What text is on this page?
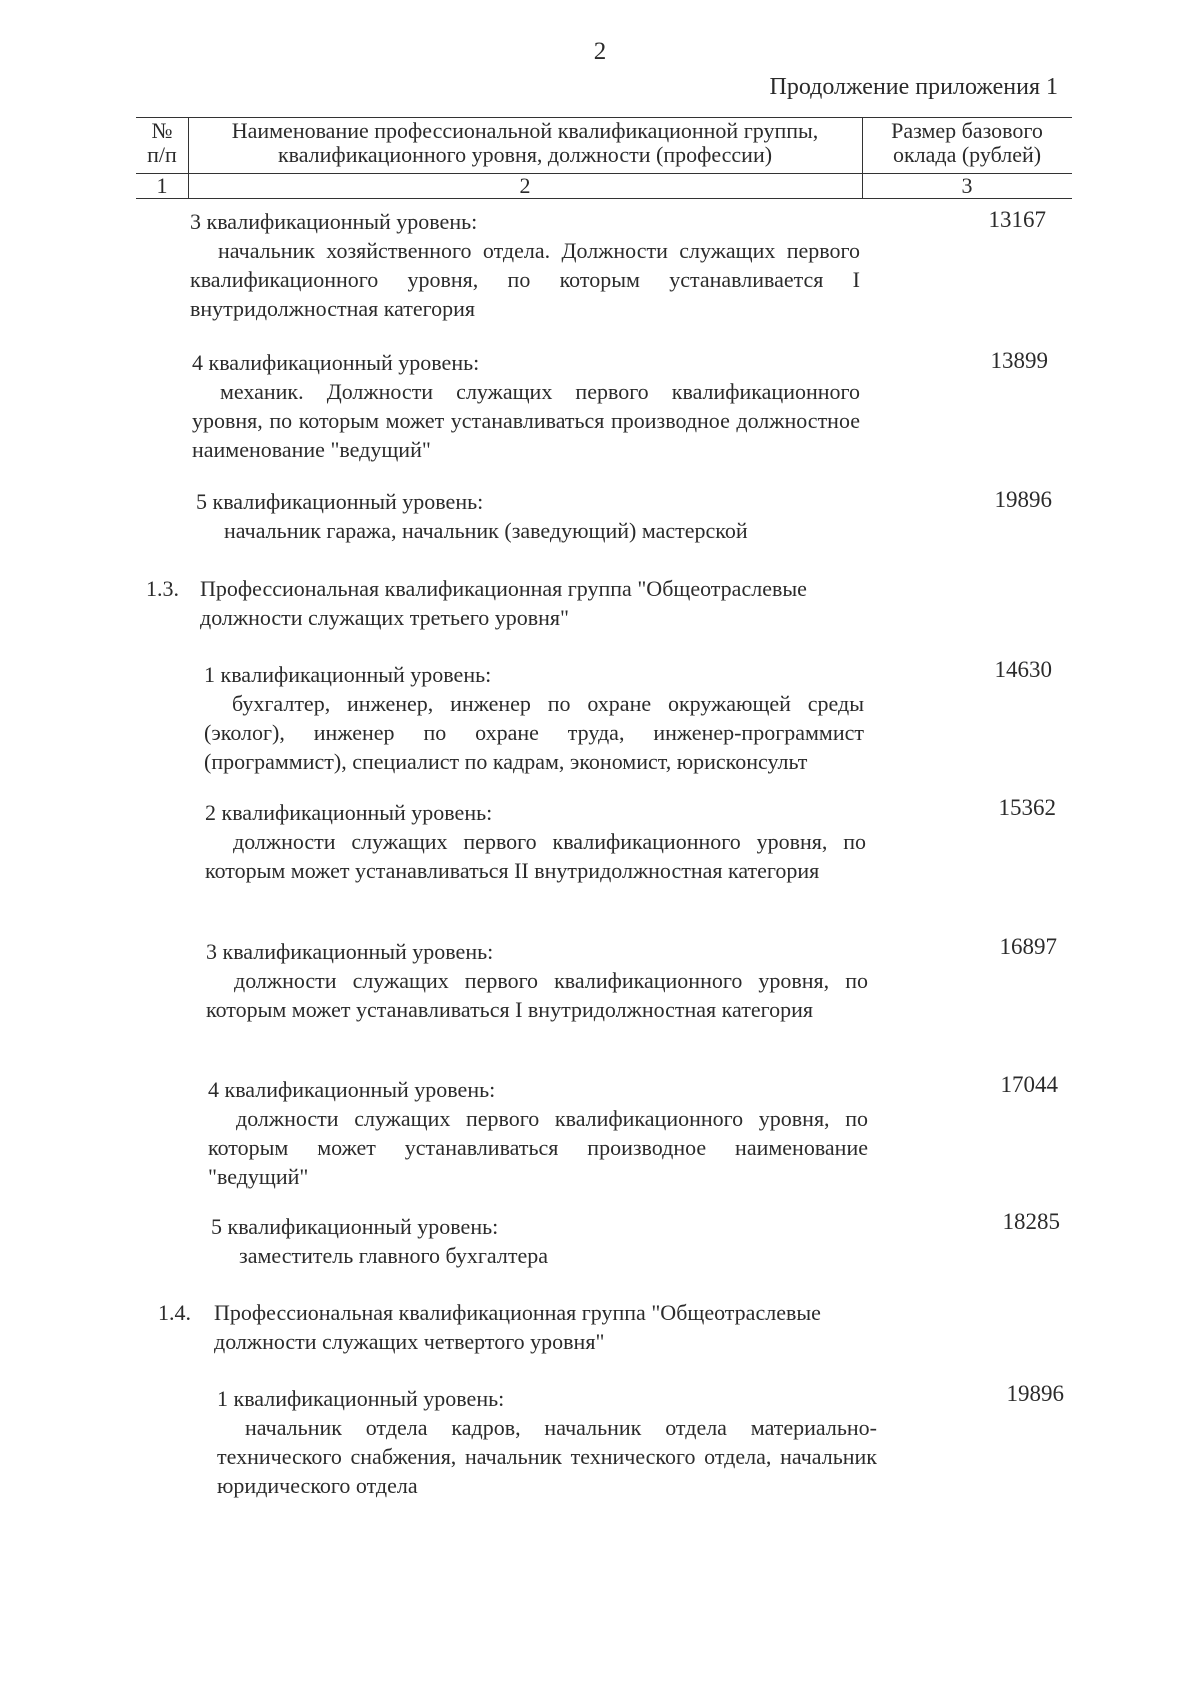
2
Продолжение приложения 1
№
п/п
Наименование профессиональной квалификационной группы,
квалификационного уровня, должности (профессии)
Размер базового
оклада (рублей)
1	2	3
3 квалификационный уровень:
начальник хозяйственного отдела. Должности служащих первого квалификационного уровня, по которым устанавливается I внутридолжностная категория
13167
4 квалификационный уровень:
механик. Должности служащих первого квалификационного уровня, по которым может устанавливаться производное должностное наименование "ведущий"
13899
5 квалификационный уровень:
начальник гаража, начальник (заведующий) мастерской
19896
1.3. Профессиональная квалификационная группа "Общеотраслевые должности служащих третьего уровня"
1 квалификационный уровень:
бухгалтер, инженер, инженер по охране окружающей среды (эколог), инженер по охране труда, инженер-программист (программист), специалист по кадрам, экономист, юрисконсульт
14630
2 квалификационный уровень:
должности служащих первого квалификационного уровня, по которым может устанавливаться II внутридолжностная категория
15362
3 квалификационный уровень:
должности служащих первого квалификационного уровня, по которым может устанавливаться I внутридолжностная категория
16897
4 квалификационный уровень:
должности служащих первого квалификационного уровня, по которым может устанавливаться производное наименование "ведущий"
17044
5 квалификационный уровень:
заместитель главного бухгалтера
18285
1.4. Профессиональная квалификационная группа "Общеотраслевые должности служащих четвертого уровня"
1 квалификационный уровень:
начальник отдела кадров, начальник отдела материально-технического снабжения, начальник технического отдела, начальник юридического отдела
19896
